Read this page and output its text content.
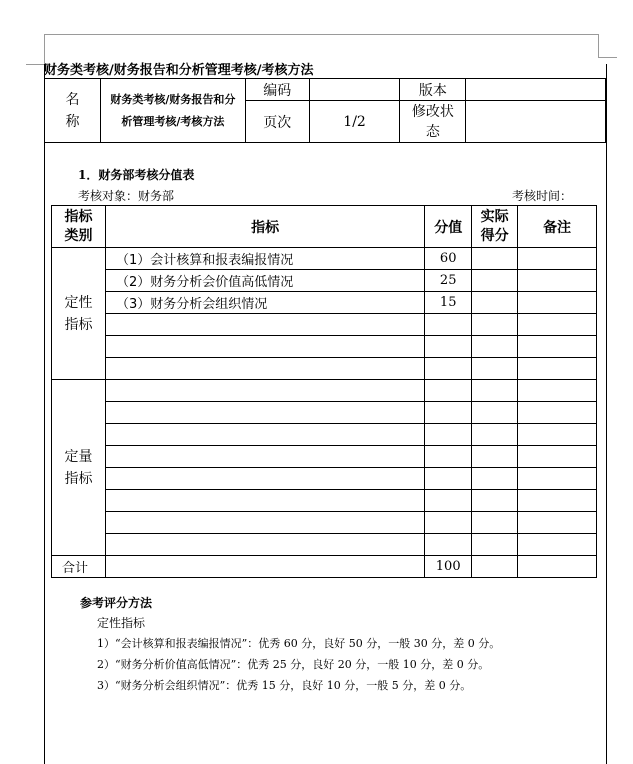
财务类考核/财务报告和分析管理考核/考核方法
名称	财务类考核/财务报告和分析管理考核/考核方法	编码		版本	
		页次	1/2	修改状态	

1．财务部考核分值表
考核对象：财务部	考核时间：
指标类别	指标	分值	实际得分	备注

定性指标	（1）会计核算和报表编报情况	60		
	（2）财务分析会价值高低情况	25		
	（3）财务分析会组织情况	15		

定量指标				

合计		100		
参考评分方法
定性指标
1）“会计核算和报表编报情况”：优秀 60 分，良好 50 分，一般 30 分，差 0 分。
2）“财务分析价值高低情况”：优秀 25 分，良好 20 分，一般 10 分，差 0 分。
3）“财务分析会组织情况”：优秀 15 分，良好 10 分，一般 5 分，差 0 分。
